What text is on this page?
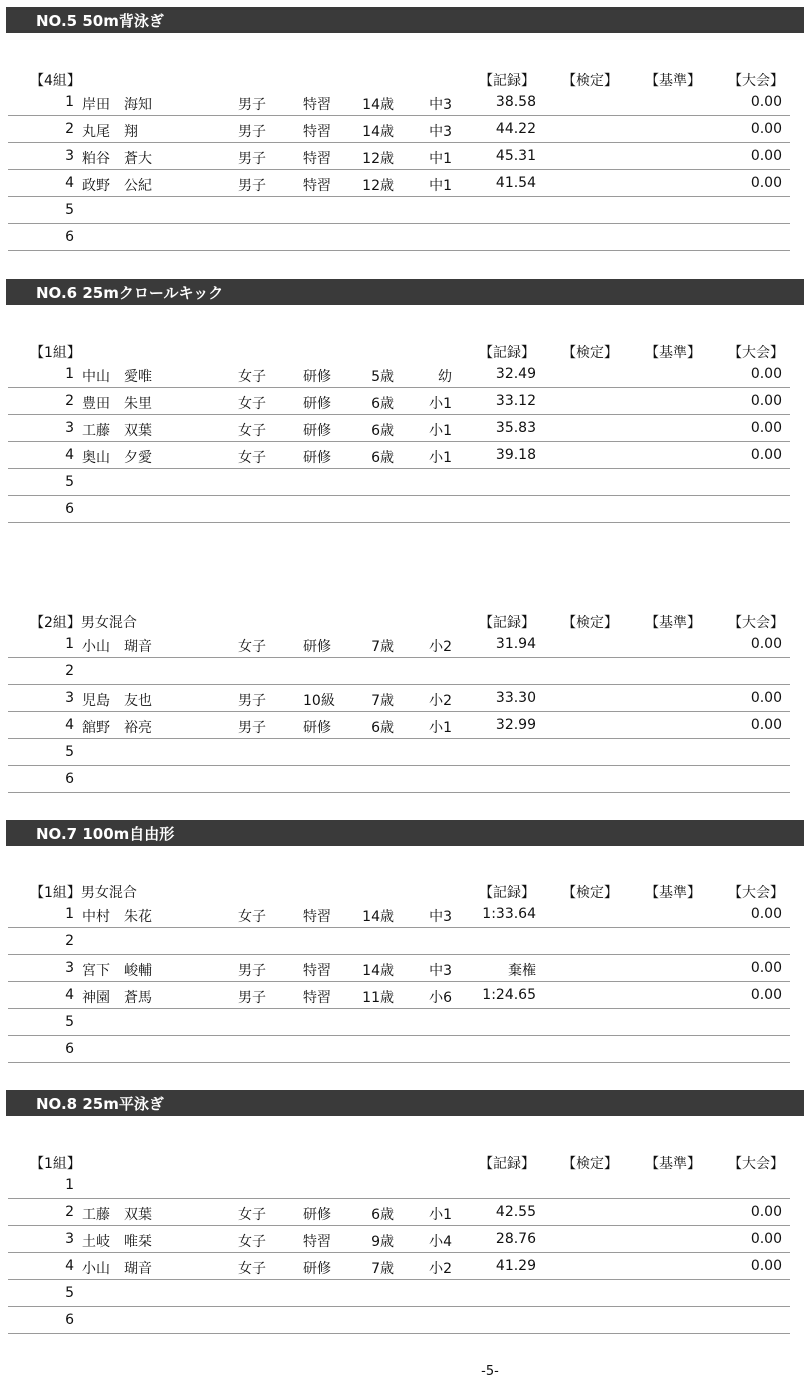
NO.5 50m背泳ぎ
【4組】	【記録】 【検定】 【基準】 【大会】
1 岸田　海知	男子	特習	14歳	中3	38.58	0.00
2 丸尾　翔	男子	特習	14歳	中3	44.22	0.00
3 粕谷　蒼大	男子	特習	12歳	中1	45.31	0.00
4 政野　公紀	男子	特習	12歳	中1	41.54	0.00
5
6
NO.6 25mクロールキック
【1組】	【記録】 【検定】 【基準】 【大会】
1 中山　愛唯	女子	研修	5歳	幼	32.49	0.00
2 豊田　朱里	女子	研修	6歳	小1	33.12	0.00
3 工藤　双葉	女子	研修	6歳	小1	35.83	0.00
4 奥山　夕愛	女子	研修	6歳	小1	39.18	0.00
5
6
【2組】男女混合	【記録】 【検定】 【基準】 【大会】
1 小山　瑚音	女子	研修	7歳	小2	31.94	0.00
2
3 児島　友也	男子	10級	7歳	小2	33.30	0.00
4 舘野　裕亮	男子	研修	6歳	小1	32.99	0.00
5
6
NO.7 100m自由形
【1組】男女混合	【記録】 【検定】 【基準】 【大会】
1 中村　朱花	女子	特習	14歳	中3	1:33.64	0.00
2
3 宮下　峻輔	男子	特習	14歳	中3	棄権	0.00
4 神園　蒼馬	男子	特習	11歳	小6	1:24.65	0.00
5
6
NO.8 25m平泳ぎ
【1組】	【記録】 【検定】 【基準】 【大会】
1
2 工藤　双葉	女子	研修	6歳	小1	42.55	0.00
3 土岐　唯栞	女子	特習	9歳	小4	28.76	0.00
4 小山　瑚音	女子	研修	7歳	小2	41.29	0.00
5
6
-5-
